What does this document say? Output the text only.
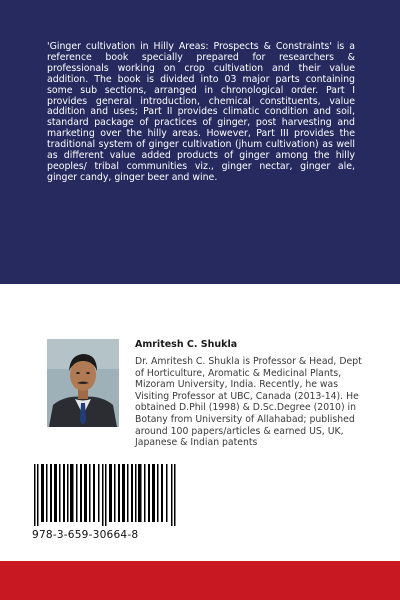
'Ginger cultivation in Hilly Areas: Prospects & Constraints' is a reference book specially prepared for researchers & professionals working on crop cultivation and their value addition. The book is divided into 03 major parts containing some sub sections, arranged in chronological order. Part I provides general introduction, chemical constituents, value addition and uses; Part II provides climatic condition and soil, standard package of practices of ginger, post harvesting and marketing over the hilly areas. However, Part III provides the traditional system of ginger cultivation (jhum cultivation) as well as different value added products of ginger among the hilly peoples/ tribal communities viz., ginger nectar, ginger ale, ginger candy, ginger beer and wine.

Amritesh C. Shukla

Dr. Amritesh C. Shukla is Professor & Head, Dept of Horticulture, Aromatic & Medicinal Plants, Mizoram University, India. Recently, he was Visiting Professor at UBC, Canada (2013-14). He obtained D.Phil (1998) & D.Sc.Degree (2010) in Botany from University of Allahabad; published around 100 papers/articles & earned US, UK, Japanese & Indian patents

978-3-659-30664-8
